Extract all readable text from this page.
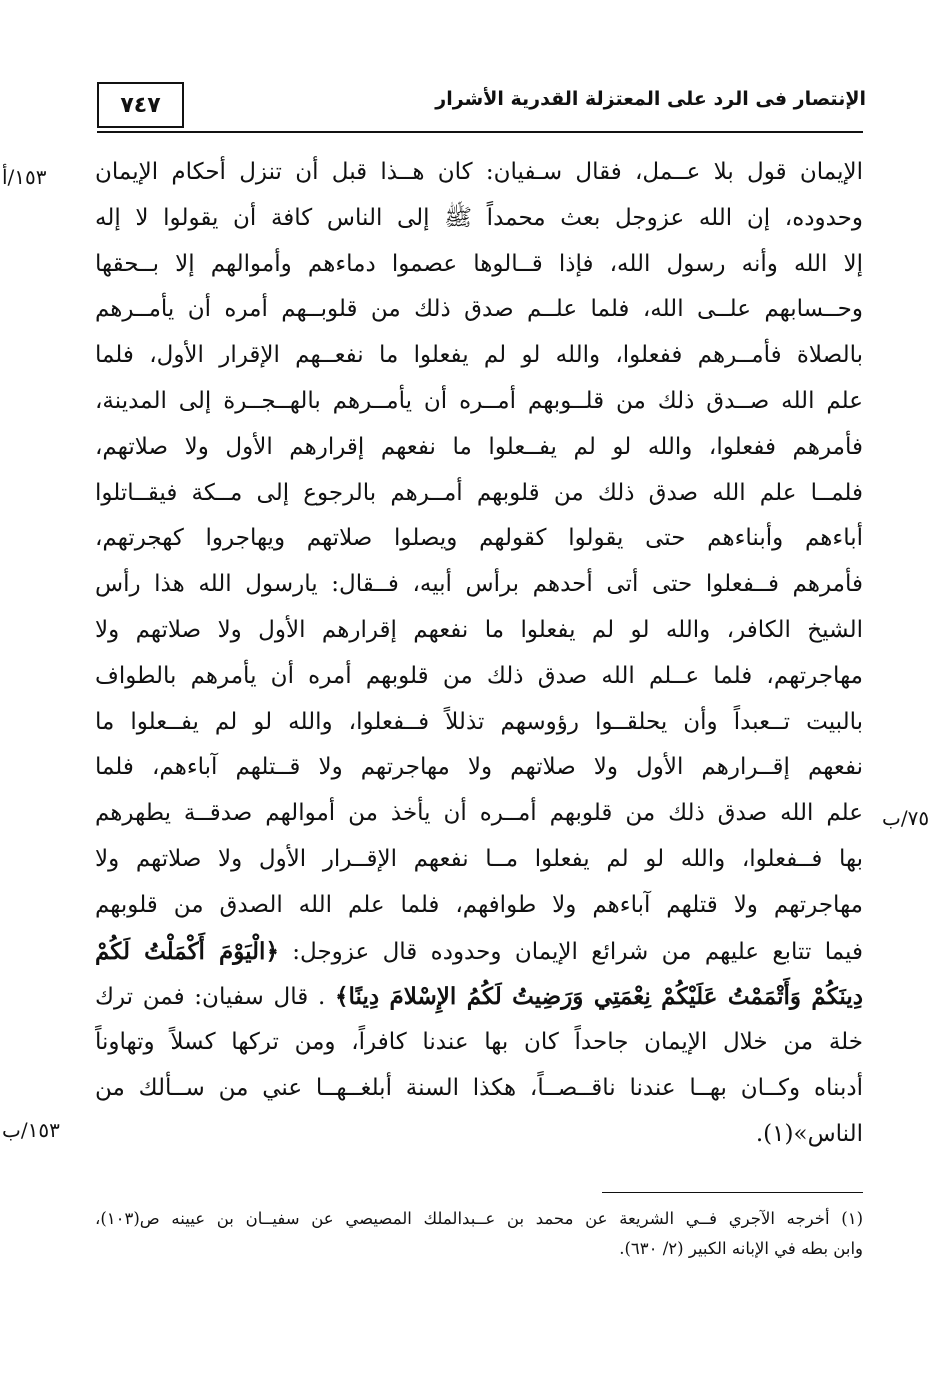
٧٤٧	الإنتصار فى الرد على المعتزلة القدرية الأشرار
١٥٣/أ
٧٥/ب
١٥٣/ب
الإيمان قول بلا عــمل، فقال سـفيان: كان هــذا قبل أن تنزل أحكام الإيمان
وحدوده، إن الله عزوجل بعث محمداً ﷺ إلى الناس كافة أن يقولوا لا إله
إلا الله وأنه رسول الله، فإذا قــالوها عصموا دماءهم وأموالهم إلا بــحقها
وحــسابهم علــى الله، فلما علــم صدق ذلك من قلوبــهم أمره أن يأمــرهم
بالصلاة فأمــرهم ففعلوا، والله لو لم يفعلوا ما نفعــهم الإقرار الأول، فلما
علم الله صــدق ذلك من قلــوبهم أمــره أن يأمــرهم بالهــجــرة إلى المدينة،
فأمرهم ففعلوا، والله لو لم يفــعلوا ما نفعهم إقرارهم الأول ولا صلاتهم،
فلمــا علم الله صدق ذلك من قلوبهم أمــرهم بالرجوع إلى مــكة فيقــاتلوا
أباءهم وأبناءهم حتى يقولوا كقولهم ويصلوا صلاتهم ويهاجروا كهجرتهم،
فأمرهم فــفعلوا حتى أتى أحدهم برأس أبيه، فــقال: يارسول الله هذا رأس
الشيخ الكافر، والله لو لم يفعلوا ما نفعهم إقرارهم الأول ولا صلاتهم ولا
مهاجرتهم، فلما عــلم الله صدق ذلك من قلوبهم أمره أن يأمرهم بالطواف
بالبيت تــعبداً وأن يحلقــوا رؤوسهم تذللاً فــفعلوا، والله لو لم يفــعلوا ما
نفعهم إقــرارهم الأول ولا صلاتهم ولا مهاجرتهم ولا قــتلهم آباءهم، فلما
علم الله صدق ذلك من قلوبهم أمــره أن يأخذ من أموالهم صدقــة يطهرهم
بها فــفعلوا، والله لو لم يفعلوا مــا نفعهم الإقــرار الأول ولا صلاتهم ولا
مهاجرتهم ولا قتلهم آباءهم ولا طوافهم، فلما علم الله الصدق من قلوبهم
فيما تتابع عليهم من شرائع الإيمان وحدوده قال عزوجل: ﴿الْيَوْمَ أَكْمَلْتُ لَكُمْ
دِينَكُمْ وَأَتْمَمْتُ عَلَيْكُمْ نِعْمَتِي وَرَضِيتُ لَكُمُ الإِسْلامَ دِينًا﴾ . قال سفيان: فمن ترك
خلة من خلال الإيمان جاحداً كان بها عندنا كافراً، ومن تركها كسلاً وتهاوناً
أدبناه وكــان بهــا عندنا ناقــصــاً، هكذا السنة أبلغــهــا عني من ســألك من
الناس»(١).
(١) أخرجه الآجري فــي الشريعة عن محمد بن عــبدالملك المصيصي عن سفيــان بن عيينه ص(١٠٣)،
وابن بطه في الإبانه الكبير (٢/ ٦٣٠).
